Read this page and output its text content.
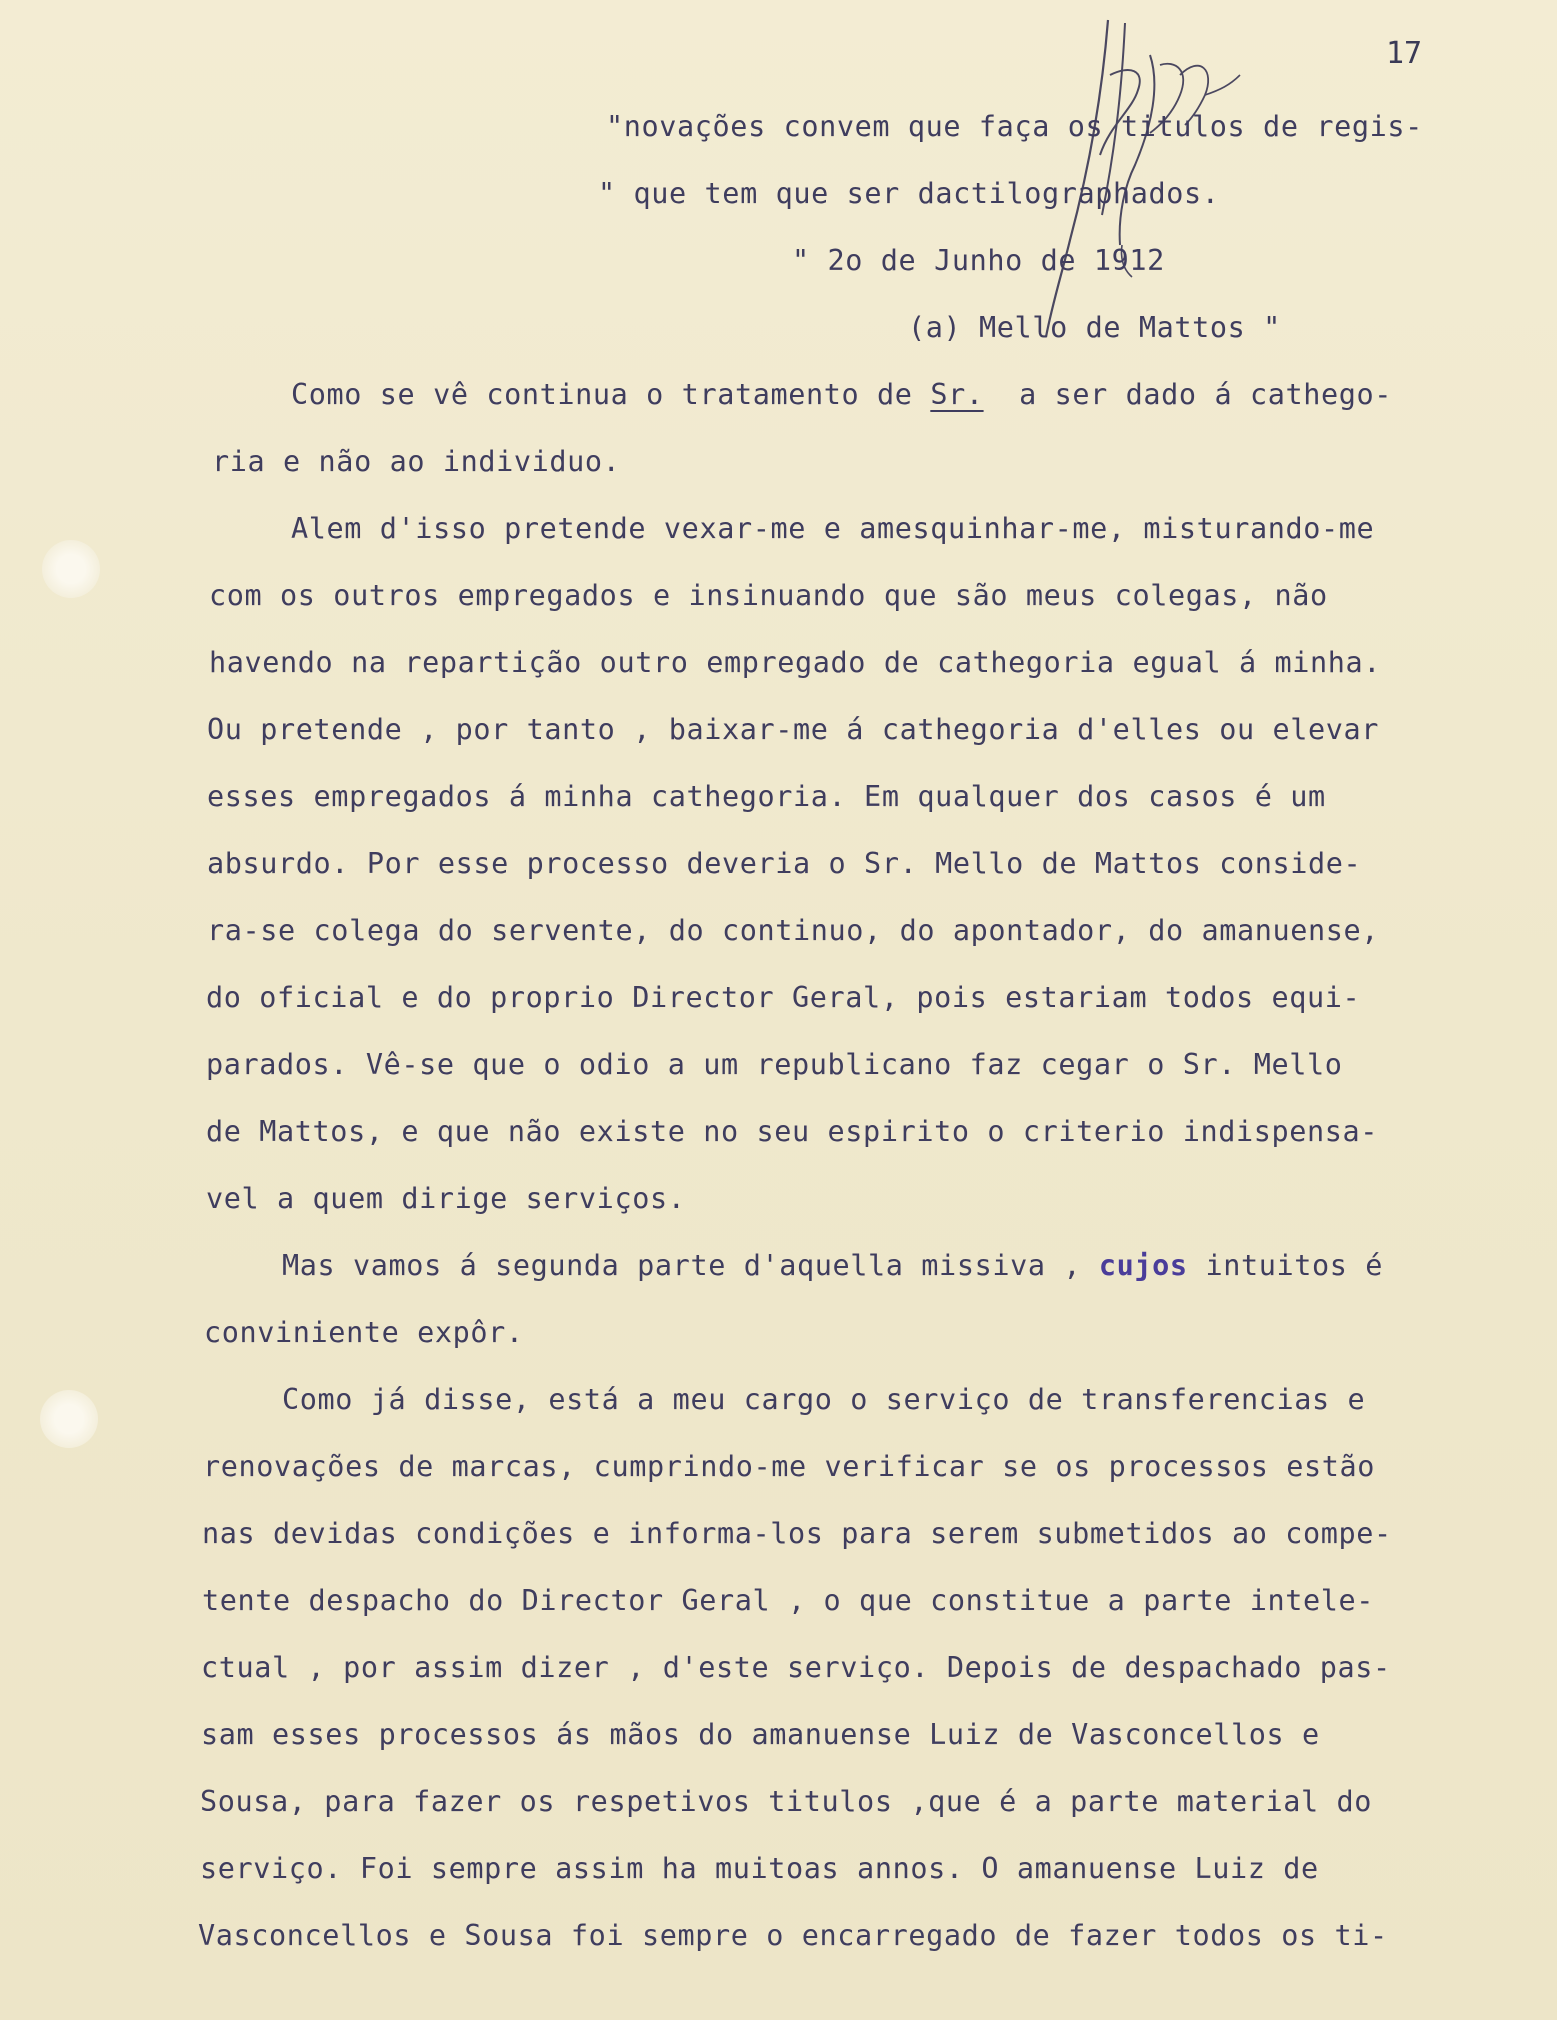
17
"novações convem que faça os titulos de regis-
" que tem que ser dactilographados.
" 2o de Junho de 1912
(a) Mello de Mattos "
Como se vê continua o tratamento de Sr.  a ser dado á cathego-
ria e não ao individuo.
Alem d'isso pretende vexar-me e amesquinhar-me, misturando-me
com os outros empregados e insinuando que são meus colegas, não
havendo na repartição outro empregado de cathegoria egual á minha.
Ou pretende , por tanto , baixar-me á cathegoria d'elles ou elevar
esses empregados á minha cathegoria. Em qualquer dos casos é um
absurdo. Por esse processo deveria o Sr. Mello de Mattos conside-
ra-se colega do servente, do continuo, do apontador, do amanuense,
do oficial e do proprio Director Geral, pois estariam todos equi-
parados. Vê-se que o odio a um republicano faz cegar o Sr. Mello
de Mattos, e que não existe no seu espirito o criterio indispensa-
vel a quem dirige serviços.
Mas vamos á segunda parte d'aquella missiva , cujos intuitos é
conviniente expôr.
Como já disse, está a meu cargo o serviço de transferencias e
renovações de marcas, cumprindo-me verificar se os processos estão
nas devidas condições e informa-los para serem submetidos ao compe-
tente despacho do Director Geral , o que constitue a parte intele-
ctual , por assim dizer , d'este serviço. Depois de despachado pas-
sam esses processos ás mãos do amanuense Luiz de Vasconcellos e
Sousa, para fazer os respetivos titulos ,que é a parte material do
serviço. Foi sempre assim ha muitoas annos. O amanuense Luiz de
Vasconcellos e Sousa foi sempre o encarregado de fazer todos os ti-
